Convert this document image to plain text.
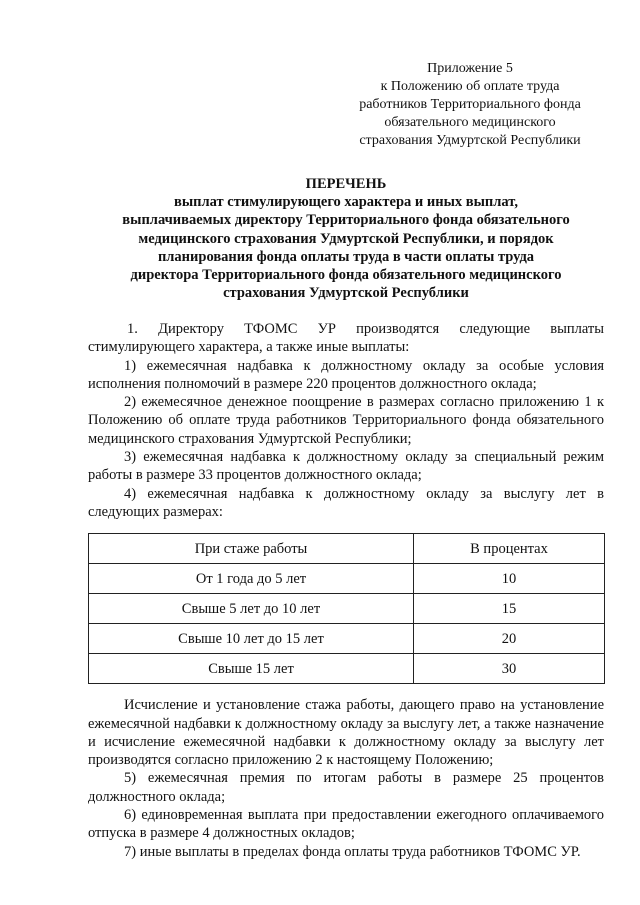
Приложение 5
к Положению об оплате труда
работников Территориального фонда
обязательного медицинского
страхования Удмуртской Республики
ПЕРЕЧЕНЬ
выплат стимулирующего характера и иных выплат,
выплачиваемых директору Территориального фонда обязательного
медицинского страхования Удмуртской Республики, и порядок
планирования фонда оплаты труда в части оплаты труда
директора Территориального фонда обязательного медицинского
страхования Удмуртской Республики

1. Директору ТФОМС УР производятся следующие выплаты стимулирующего характера, а также иные выплаты:

1) ежемесячная надбавка к должностному окладу за особые условия исполнения полномочий в размере 220 процентов должностного оклада;

2) ежемесячное денежное поощрение в размерах согласно приложению 1 к Положению об оплате труда работников Территориального фонда обязательного медицинского страхования Удмуртской Республики;

3) ежемесячная надбавка к должностному окладу за специальный режим работы в размере 33 процентов должностного оклада;

4) ежемесячная надбавка к должностному окладу за выслугу лет в следующих размерах:

При стаже работы	В процентах
От 1 года до 5 лет	10
Свыше 5 лет до 10 лет	15
Свыше 10 лет до 15 лет	20
Свыше 15 лет	30

Исчисление и установление стажа работы, дающего право на установление ежемесячной надбавки к должностному окладу за выслугу лет, а также назначение и исчисление ежемесячной надбавки к должностному окладу за выслугу лет производятся согласно приложению 2 к настоящему Положению;

5) ежемесячная премия по итогам работы в размере 25 процентов должностного оклада;

6) единовременная выплата при предоставлении ежегодного оплачиваемого отпуска в размере 4 должностных окладов;

7) иные выплаты в пределах фонда оплаты труда работников ТФОМС УР.
